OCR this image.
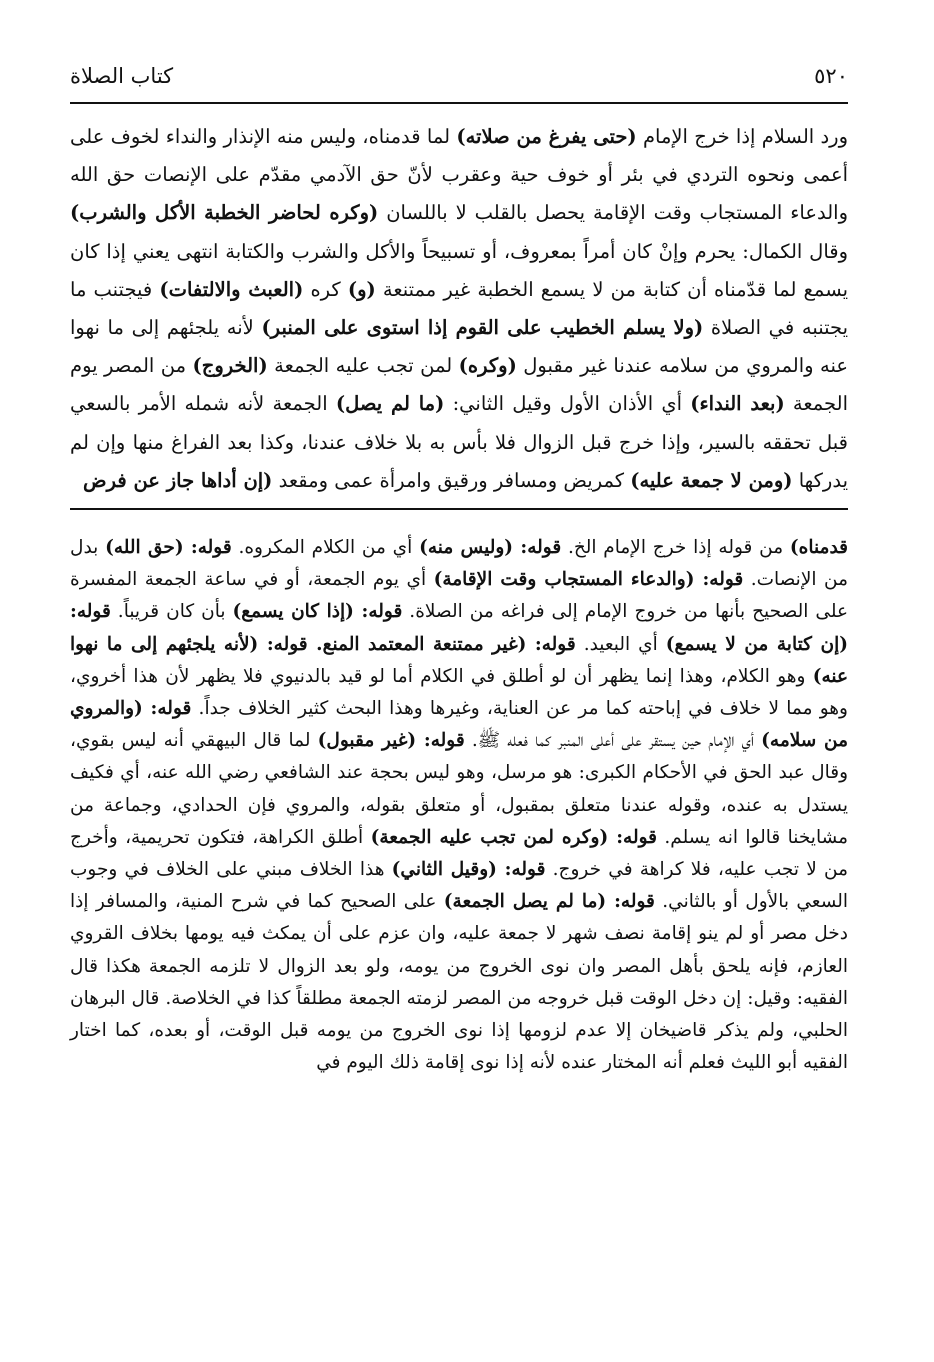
٥٢٠
كتاب الصلاة

ورد السلام إذا خرج الإمام (حتى يفرغ من صلاته) لما قدمناه، وليس منه الإنذار والنداء لخوف على أعمى ونحوه التردي في بئر أو خوف حية وعقرب لأنّ حق الآدمي مقدّم على الإنصات حق الله والدعاء المستجاب وقت الإقامة يحصل بالقلب لا باللسان (وكره لحاضر الخطبة الأكل والشرب) وقال الكمال: يحرم وإنْ كان أمراً بمعروف، أو تسبيحاً والأكل والشرب والكتابة انتهى يعني إذا كان يسمع لما قدّمناه أن كتابة من لا يسمع الخطبة غير ممتنعة (و) كره (العبث والالتفات) فيجتنب ما يجتنبه في الصلاة (ولا يسلم الخطيب على القوم إذا استوى على المنبر) لأنه يلجئهم إلى ما نهوا عنه والمروي من سلامه عندنا غير مقبول (وكره) لمن تجب عليه الجمعة (الخروج) من المصر يوم الجمعة (بعد النداء) أي الأذان الأول وقيل الثاني: (ما لم يصل) الجمعة لأنه شمله الأمر بالسعي قبل تحققه بالسير، وإذا خرج قبل الزوال فلا بأس به بلا خلاف عندنا، وكذا بعد الفراغ منها وإن لم يدركها (ومن لا جمعة عليه) كمريض ومسافر ورقيق وامرأة عمى ومقعد (إن أداها جاز عن فرض

قدمناه) من قوله إذا خرج الإمام الخ. قوله: (وليس منه) أي من الكلام المكروه. قوله: (حق الله) بدل من الإنصات. قوله: (والدعاء المستجاب وقت الإقامة) أي يوم الجمعة، أو في ساعة الجمعة المفسرة على الصحيح بأنها من خروج الإمام إلى فراغه من الصلاة. قوله: (إذا كان يسمع) بأن كان قريباً. قوله: (إن كتابة من لا يسمع) أي البعيد. قوله: (غير ممتنعة المعتمد المنع. قوله: (لأنه يلجئهم إلى ما نهوا عنه) وهو الكلام، وهذا إنما يظهر أن لو أطلق في الكلام أما لو قيد بالدنيوي فلا يظهر لأن هذا أخروي، وهو مما لا خلاف في إباحته كما مر عن العناية، وغيرها وهذا البحث كثير الخلاف جداً. قوله: (والمروي من سلامه) أي الإمام حين يستقر على أعلى المنبر كما فعله ﷺ. قوله: (غير مقبول) لما قال البيهقي أنه ليس بقوي، وقال عبد الحق في الأحكام الكبرى: هو مرسل، وهو ليس بحجة عند الشافعي رضي الله عنه، أي فكيف يستدل به عنده، وقوله عندنا متعلق بمقبول، أو متعلق بقوله، والمروي فإن الحدادي، وجماعة من مشايخنا قالوا انه يسلم. قوله: (وكره لمن تجب عليه الجمعة) أطلق الكراهة، فتكون تحريمية، وأخرج من لا تجب عليه، فلا كراهة في خروج. قوله: (وقيل الثاني) هذا الخلاف مبني على الخلاف في وجوب السعي بالأول أو بالثاني. قوله: (ما لم يصل الجمعة) على الصحيح كما في شرح المنية، والمسافر إذا دخل مصر أو لم ينو إقامة نصف شهر لا جمعة عليه، وان عزم على أن يمكث فيه يومها بخلاف القروي العازم، فإنه يلحق بأهل المصر وان نوى الخروج من يومه، ولو بعد الزوال لا تلزمه الجمعة هكذا قال الفقيه: وقيل: إن دخل الوقت قبل خروجه من المصر لزمته الجمعة مطلقاً كذا في الخلاصة. قال البرهان الحلبي، ولم يذكر قاضيخان إلا عدم لزومها إذا نوى الخروج من يومه قبل الوقت، أو بعده، كما اختار الفقيه أبو الليث فعلم أنه المختار عنده لأنه إذا نوى إقامة ذلك اليوم في
